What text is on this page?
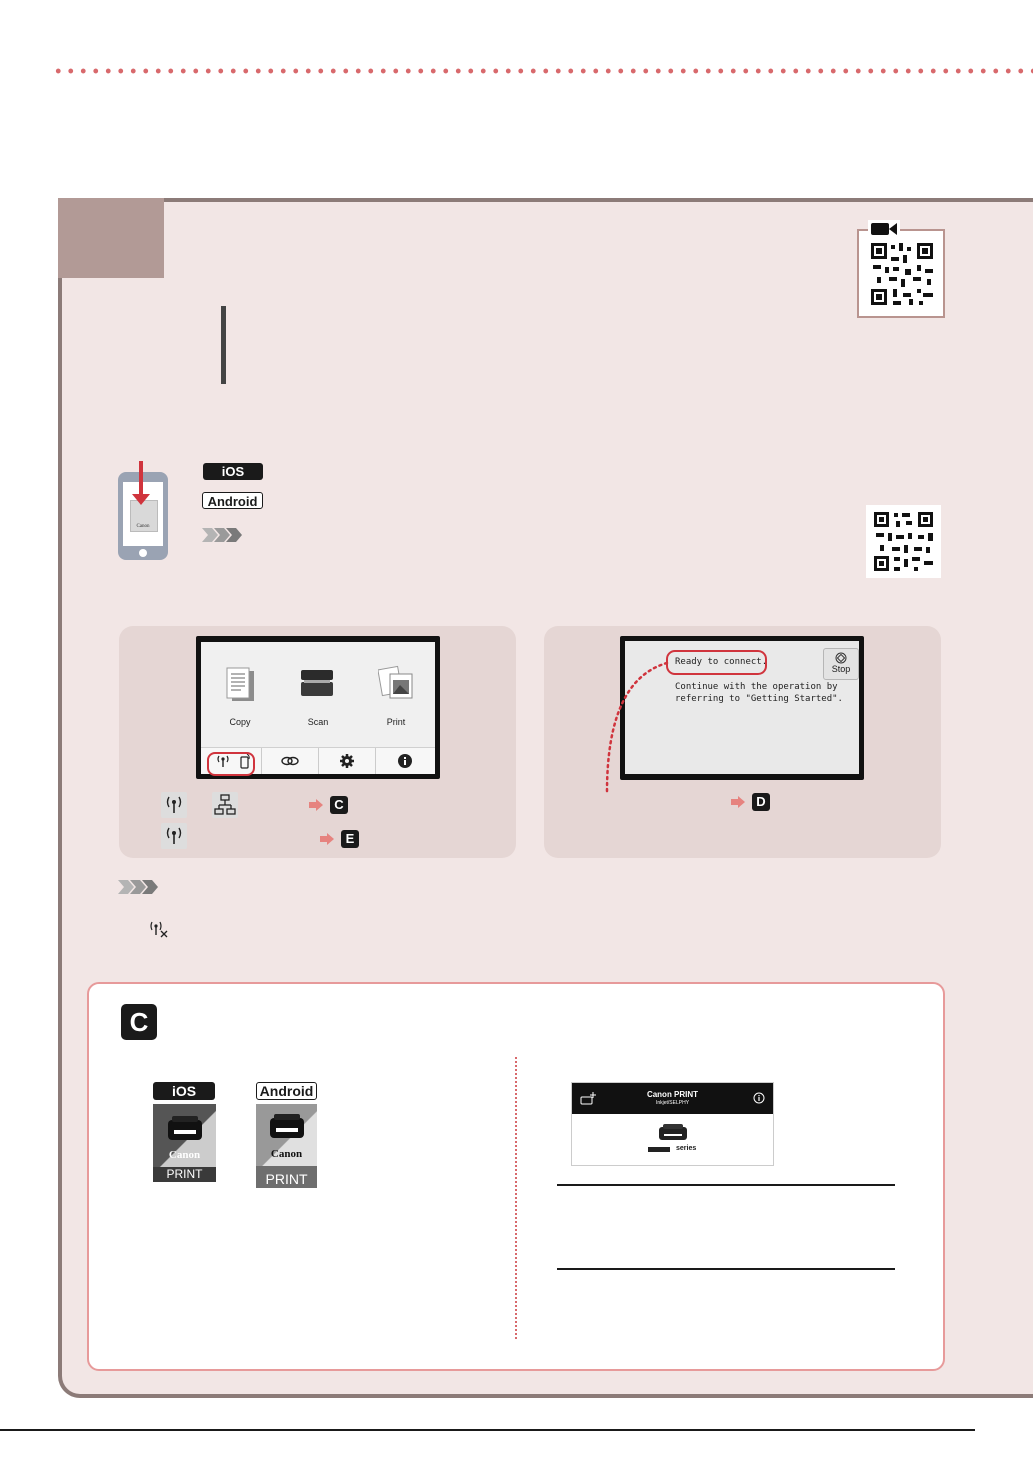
Canon
iOS
Android
Copy	Scan	Print
C
E
Ready to connect.
Continue with the operation by
referring to "Getting Started".
Stop
D
C
iOS	Android
Canon
PRINT
Canon
PRINT
Canon PRINT
Inkjet/SELPHY
series
